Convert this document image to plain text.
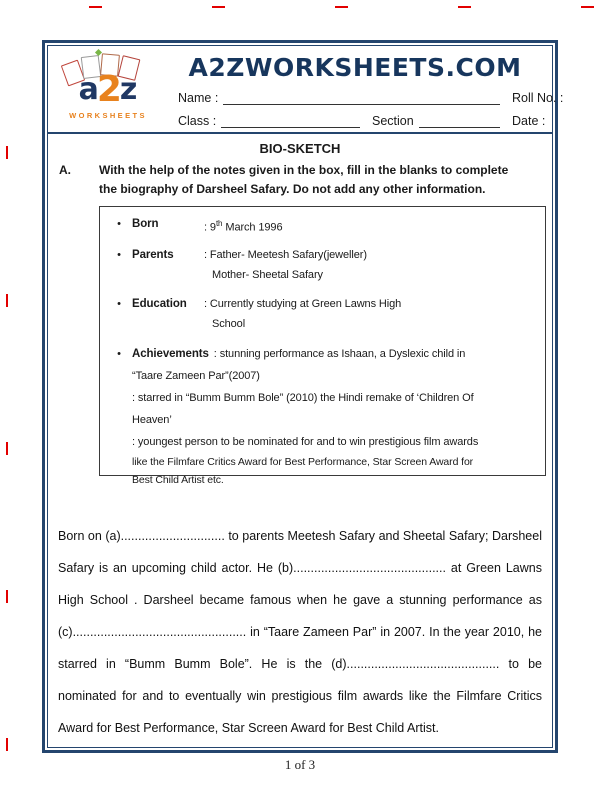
a2z
WORKSHEETS
A2ZWORKSHEETS.COM
Name :	Roll No. :
Class :	Section	Date :
BIO-SKETCH
A.	With the help of the notes given in the box, fill in the blanks to complete
the biography of Darsheel Safary. Do not add any other information.
• Born	: 9th March 1996
• Parents	: Father- Meetesh Safary(jeweller)
Mother- Sheetal Safary
• Education	: Currently studying at Green Lawns High
School
• Achievements : stunning performance as Ishaan, a Dyslexic child in
“Taare Zameen Par”(2007)
: starred in “Bumm Bumm Bole” (2010) the Hindi remake of ‘Children Of
Heaven’
: youngest person to be nominated for and to win prestigious film awards
like the Filmfare Critics Award for Best Performance, Star Screen Award for
Best Child Artist etc.

Born on (a).............................. to parents Meetesh Safary and Sheetal Safary; Darsheel Safary is an upcoming child actor. He (b)............................................ at Green Lawns High School . Darsheel became famous when he gave a stunning performance as (c).................................................. in “Taare Zameen Par” in 2007. In the year 2010, he starred in “Bumm Bumm Bole”. He is the (d)............................................ to be nominated for and to eventually win prestigious film awards like the Filmfare Critics Award for Best Performance, Star Screen Award for Best Child Artist.

1 of 3
